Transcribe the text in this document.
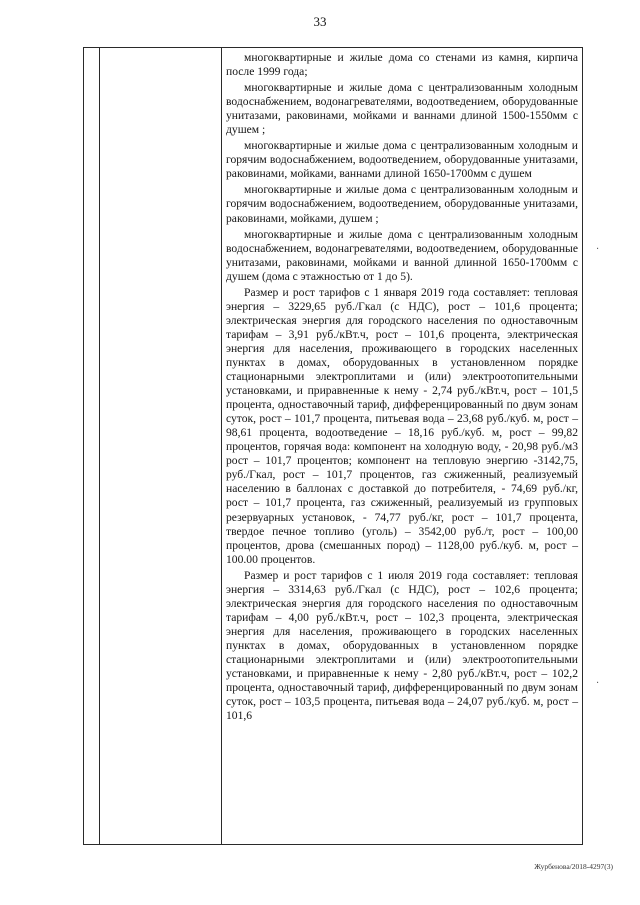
33

многоквартирные и жилые дома со стенами из камня, кирпича после 1999 года;

многоквартирные и жилые дома с централизованным холодным водоснабжением, водонагревателями, водоотведением, оборудованные унитазами, раковинами, мойками и ваннами длиной 1500-1550мм с душем ;

многоквартирные и жилые дома с централизованным холодным и горячим водоснабжением, водоотведением, оборудованные унитазами, раковинами, мойками, ваннами длиной 1650-1700мм с душем

многоквартирные и жилые дома с централизованным холодным и горячим водоснабжением, водоотведением, оборудованные унитазами, раковинами, мойками, душем ;

многоквартирные и жилые дома с централизованным холодным водоснабжением, водонагревателями, водоотведением, оборудованные унитазами, раковинами, мойками и ванной длинной 1650-1700мм с душем (дома с этажностью от 1 до 5).

Размер и рост тарифов с 1 января 2019 года составляет: тепловая энергия – 3229,65 руб./Гкал (с НДС), рост – 101,6 процента; электрическая энергия для городского населения по одноставочным тарифам – 3,91 руб./кВт.ч, рост – 101,6 процента, электрическая энергия для населения, проживающего в городских населенных пунктах в домах, оборудованных в установленном порядке стационарными электроплитами и (или) электроотопительными установками, и приравненные к нему - 2,74 руб./кВт.ч, рост – 101,5 процента, одноставочный тариф, дифференцированный по двум зонам суток, рост – 101,7 процента, питьевая вода – 23,68 руб./куб. м, рост – 98,61 процента, водоотведение – 18,16 руб./куб. м, рост – 99,82 процентов, горячая вода: компонент на холодную воду, - 20,98 руб./м3 рост – 101,7 процентов; компонент на тепловую энергию -3142,75, руб./Гкал, рост – 101,7 процентов, газ сжиженный, реализуемый населению в баллонах с доставкой до потребителя, - 74,69 руб./кг, рост – 101,7 процента, газ сжиженный, реализуемый из групповых резервуарных установок, - 74,77 руб./кг, рост – 101,7 процента, твердое печное топливо (уголь) – 3542,00 руб./т, рост – 100,00 процентов, дрова (смешанных пород) – 1128,00 руб./куб. м, рост – 100.00 процентов.

Размер и рост тарифов с 1 июля 2019 года составляет: тепловая энергия – 3314,63 руб./Гкал (с НДС), рост – 102,6 процента; электрическая энергия для городского населения по одноставочным тарифам – 4,00 руб./кВт.ч, рост – 102,3 процента, электрическая энергия для населения, проживающего в городских населенных пунктах в домах, оборудованных в установленном порядке стационарными электроплитами и (или) электроотопительными установками, и приравненные к нему - 2,80 руб./кВт.ч, рост – 102,2 процента, одноставочный тариф, дифференцированный по двум зонам суток, рост – 103,5 процента, питьевая вода – 24,07 руб./куб. м, рост – 101,6

·
·
Журбенова/2018-4297(3)
